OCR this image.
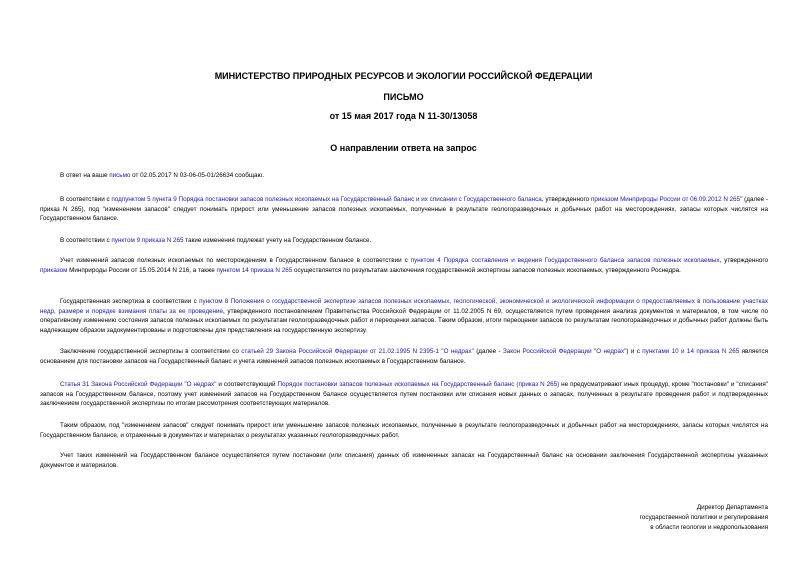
МИНИСТЕРСТВО ПРИРОДНЫХ РЕСУРСОВ И ЭКОЛОГИИ РОССИЙСКОЙ ФЕДЕРАЦИИ
ПИСЬМО
от 15 мая 2017 года N 11-30/13058
О направлении ответа на запрос

В ответ на ваше письмо от 02.05.2017 N 03-06-05-01/26634 сообщаю.

В соответствии с подпунктом 5 пункта 9 Порядка постановки запасов полезных ископаемых на Государственный баланс и их списании с Государственного баланса, утвержденного приказом Минприроды России от 06.09.2012 N 265" (далее - приказ N 265), под "изменением запасов" следует понимать прирост или уменьшение запасов полезных ископаемых, полученные в результате геологоразведочных и добычных работ на месторождениях, запасы которых числятся на Государственном балансе.

В соответствии с пунктом 9 приказа N 265 такие изменения подлежат учету на Государственном балансе.

Учет изменений запасов полезных ископаемых по месторождениям в Государственном балансе в соответствии с пунктом 4 Порядка составления и ведения Государственного баланса запасов полезных ископаемых, утвержденного приказом Минприроды России от 15.05.2014 N 216, а также пунктом 14 приказа N 265 осуществляется по результатам заключения государственной экспертизы запасов полезных ископаемых, утвержденного Роснедра.

Государственная экспертиза в соответствии с пунктом 8 Положения о государственной экспертизе запасов полезных ископаемых, геологической, экономической и экологической информации о предоставляемых в пользование участках недр, размере и порядке взимания платы за ее проведение, утвержденного постановлением Правительства Российской Федерации от 11.02.2005 N 69, осуществляется путем проведения анализа документов и материалов, в том числе по оперативному изменению состояния запасов полезных ископаемых по результатам геологоразведочных работ и переоценки запасов. Таким образом, итоги переоценки запасов по результатам геологоразведочных и добычных работ должны быть надлежащим образом задокументированы и подготовлены для представления на государственную экспертизу.

Заключение государственной экспертизы в соответствии со статьей 29 Закона Российской Федерации от 21.02.1995 N 2395-1 "О недрах" (далее - Закон Российской Федерации "О недрах") и с пунктами 10 и 14 приказа N 265 является основанием для постановки запасов на Государственный баланс и учета изменений запасов полезных ископаемых в Государственном балансе.

Статья 31 Закона Российской Федерации "О недрах" и соответствующий Порядок постановки запасов полезных ископаемых на Государственный баланс (приказ N 265) не предусматривают иных процедур, кроме "постановки" и "списания" запасов на Государственном балансе, поэтому учет изменений запасов на Государственном балансе осуществляется путем постановки или списания новых данных о запасах, полученных в результате проведения работ и подтвержденных заключением государственной экспертизы по итогам рассмотрения соответствующих материалов.

Таким образом, под "изменением запасов" следует понимать прирост или уменьшение запасов полезных ископаемых, полученные в результате геологоразведочных и добычных работ на месторождениях, запасы которых числятся на Государственном балансе, и отраженные в документах и материалах о результатах указанных геологоразведочных работ.

Учет таких изменений на Государственном балансе осуществляется путем постановки (или списания) данных об измененных запасах на Государственный баланс на основании заключения Государственной экспертизы указанных документов и материалов.

Директор Департамента
государственной политики и регулирования
в области геологии и недропользования
